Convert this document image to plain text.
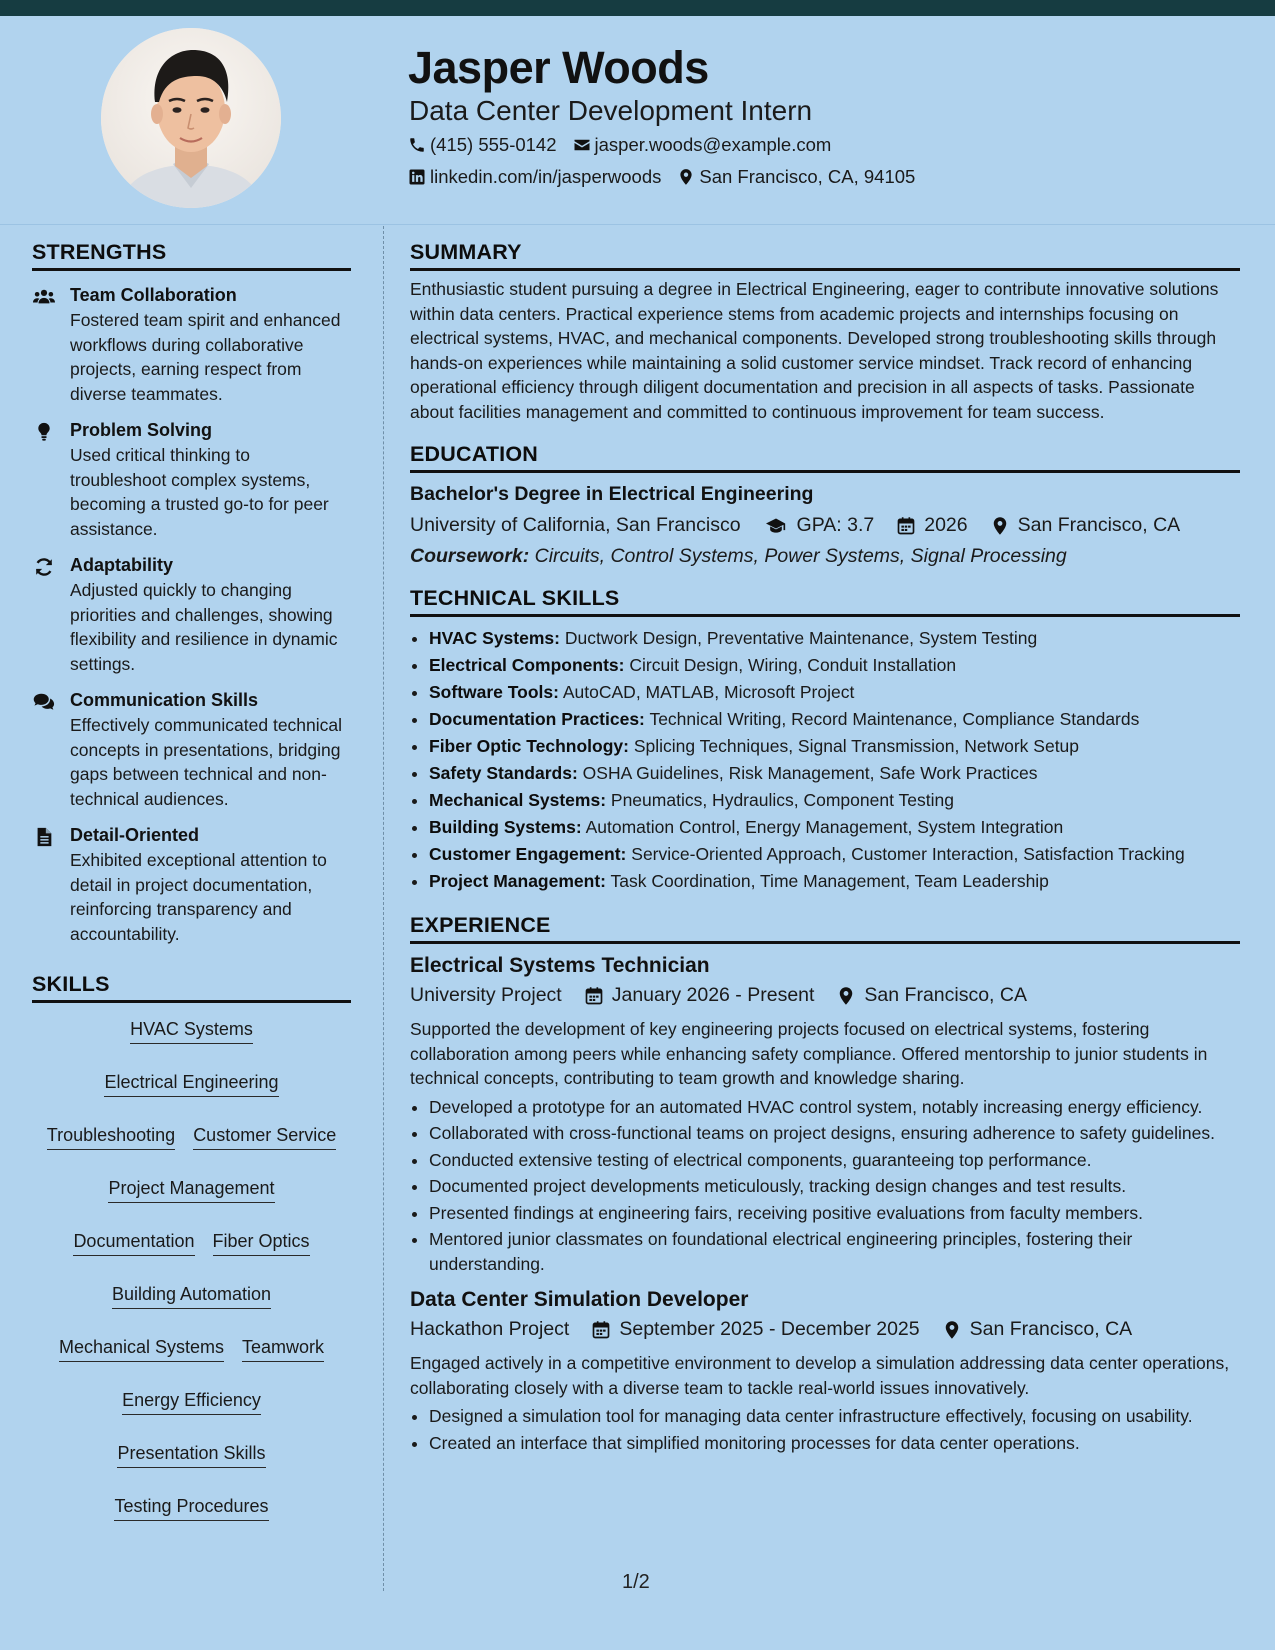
Jasper Woods
Data Center Development Intern
(415) 555-0142 jasper.woods@example.com
linkedin.com/in/jasperwoods San Francisco, CA, 94105
STRENGTHS

Team Collaboration

Fostered team spirit and enhanced workflows during collaborative projects, earning respect from diverse teammates.

Problem Solving

Used critical thinking to troubleshoot complex systems, becoming a trusted go-to for peer assistance.

Adaptability

Adjusted quickly to changing priorities and challenges, showing flexibility and resilience in dynamic settings.

Communication Skills

Effectively communicated technical concepts in presentations, bridging gaps between technical and non-technical audiences.

Detail-Oriented

Exhibited exceptional attention to detail in project documentation, reinforcing transparency and accountability.

SKILLS
HVAC Systems
Electrical Engineering
Troubleshooting Customer Service
Project Management
Documentation Fiber Optics
Building Automation
Mechanical Systems Teamwork
Energy Efficiency
Presentation Skills
Testing Procedures
SUMMARY

Enthusiastic student pursuing a degree in Electrical Engineering, eager to contribute innovative solutions within data centers. Practical experience stems from academic projects and internships focusing on electrical systems, HVAC, and mechanical components. Developed strong troubleshooting skills through hands-on experiences while maintaining a solid customer service mindset. Track record of enhancing operational efficiency through diligent documentation and precision in all aspects of tasks. Passionate about facilities management and committed to continuous improvement for team success.

EDUCATION

Bachelor's Degree in Electrical Engineering

University of California, San Francisco	GPA: 3.7	2026	San Francisco, CA
Coursework: Circuits, Control Systems, Power Systems, Signal Processing
TECHNICAL SKILLS
• HVAC Systems: Ductwork Design, Preventative Maintenance, System Testing
• Electrical Components: Circuit Design, Wiring, Conduit Installation
• Software Tools: AutoCAD, MATLAB, Microsoft Project
• Documentation Practices: Technical Writing, Record Maintenance, Compliance Standards
• Fiber Optic Technology: Splicing Techniques, Signal Transmission, Network Setup
• Safety Standards: OSHA Guidelines, Risk Management, Safe Work Practices
• Mechanical Systems: Pneumatics, Hydraulics, Component Testing
• Building Systems: Automation Control, Energy Management, System Integration
• Customer Engagement: Service-Oriented Approach, Customer Interaction, Satisfaction Tracking
• Project Management: Task Coordination, Time Management, Team Leadership
EXPERIENCE

Electrical Systems Technician

University Project	January 2026 - Present	San Francisco, CA

Supported the development of key engineering projects focused on electrical systems, fostering collaboration among peers while enhancing safety compliance. Offered mentorship to junior students in technical concepts, contributing to team growth and knowledge sharing.

• Developed a prototype for an automated HVAC control system, notably increasing energy efficiency.
• Collaborated with cross-functional teams on project designs, ensuring adherence to safety guidelines.
• Conducted extensive testing of electrical components, guaranteeing top performance.
• Documented project developments meticulously, tracking design changes and test results.
• Presented findings at engineering fairs, receiving positive evaluations from faculty members.
• Mentored junior classmates on foundational electrical engineering principles, fostering their understanding.

Data Center Simulation Developer

Hackathon Project	September 2025 - December 2025	San Francisco, CA

Engaged actively in a competitive environment to develop a simulation addressing data center operations, collaborating closely with a diverse team to tackle real-world issues innovatively.

• Designed a simulation tool for managing data center infrastructure effectively, focusing on usability.
• Created an interface that simplified monitoring processes for data center operations.
1/2
